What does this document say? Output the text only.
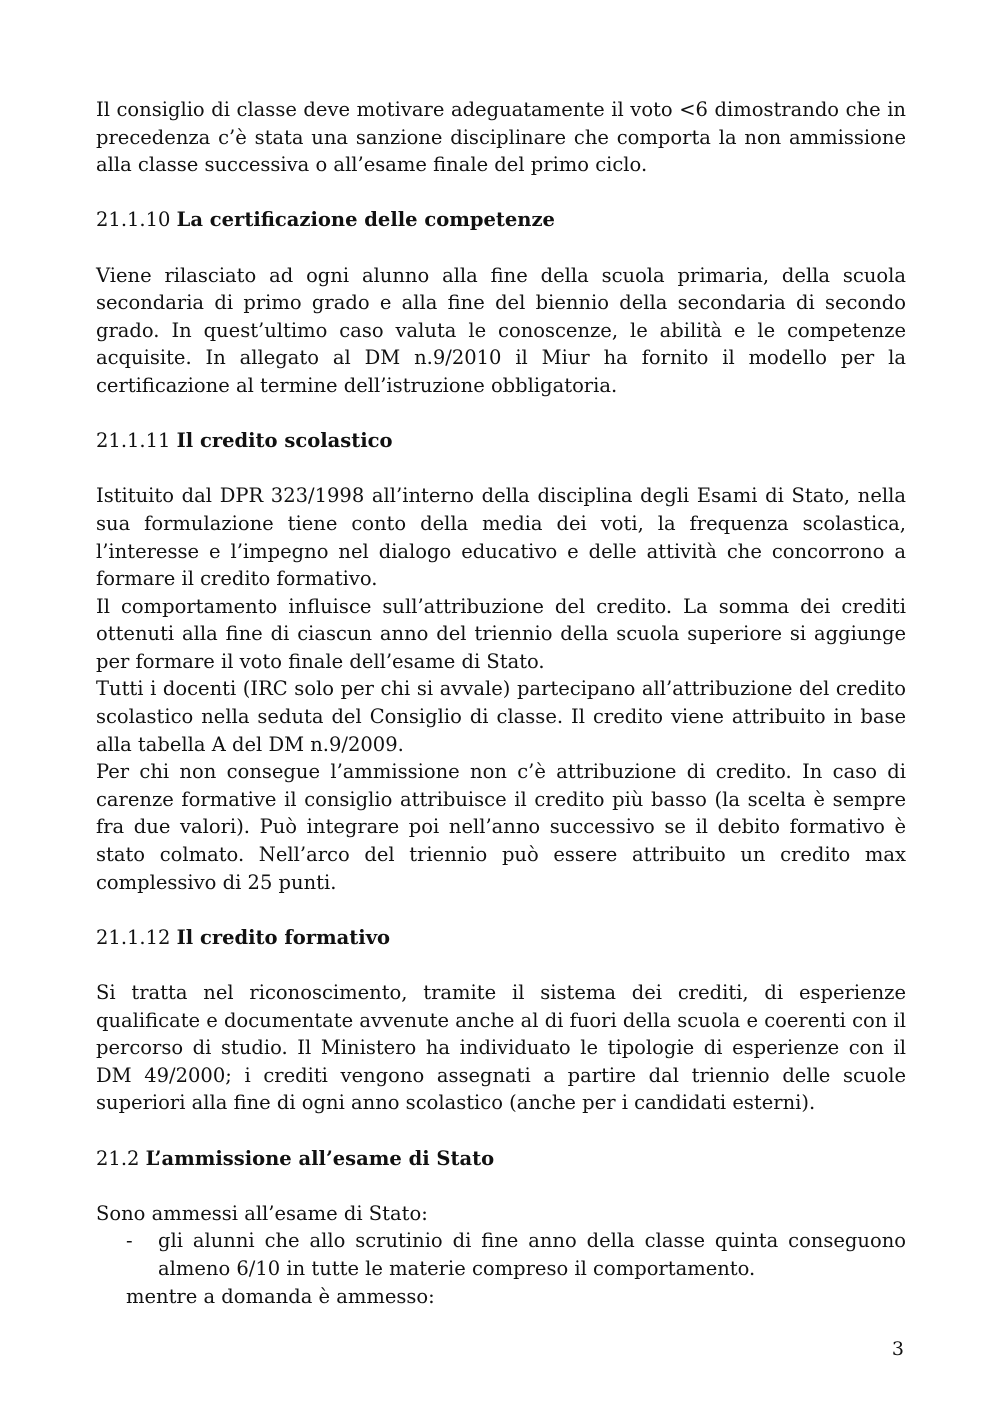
Il consiglio di classe deve motivare adeguatamente il voto <6 dimostrando che in precedenza c’è stata una sanzione disciplinare che comporta la non ammissione alla classe successiva o all’esame finale del primo ciclo.

21.1.10 La certificazione delle competenze

Viene rilasciato ad ogni alunno alla fine della scuola primaria, della scuola secondaria di primo grado e alla fine del biennio della secondaria di secondo grado. In quest’ultimo caso valuta le conoscenze, le abilità e le competenze acquisite. In allegato al DM n.9/2010 il Miur ha fornito il modello per la certificazione al termine dell’istruzione obbligatoria.

21.1.11 Il credito scolastico

Istituito dal DPR 323/1998 all’interno della disciplina degli Esami di Stato, nella sua formulazione tiene conto della media dei voti, la frequenza scolastica, l’interesse e l’impegno nel dialogo educativo e delle attività che concorrono a formare il credito formativo.

Il comportamento influisce sull’attribuzione del credito. La somma dei crediti ottenuti alla fine di ciascun anno del triennio della scuola superiore si aggiunge per formare il voto finale dell’esame di Stato.

Tutti i docenti (IRC solo per chi si avvale) partecipano all’attribuzione del credito scolastico nella seduta del Consiglio di classe. Il credito viene attribuito in base alla tabella A del DM n.9/2009.

Per chi non consegue l’ammissione non c’è attribuzione di credito. In caso di carenze formative il consiglio attribuisce il credito più basso (la scelta è sempre fra due valori). Può integrare poi nell’anno successivo se il debito formativo è stato colmato. Nell’arco del triennio può essere attribuito un credito max complessivo di 25 punti.

21.1.12 Il credito formativo

Si tratta nel riconoscimento, tramite il sistema dei crediti, di esperienze qualificate e documentate avvenute anche al di fuori della scuola e coerenti con il percorso di studio. Il Ministero ha individuato le tipologie di esperienze con il DM 49/2000; i crediti vengono assegnati a partire dal triennio delle scuole superiori alla fine di ogni anno scolastico (anche per i candidati esterni).

21.2 L’ammissione all’esame di Stato

Sono ammessi all’esame di Stato:

-	gli alunni che allo scrutinio di fine anno della classe quinta conseguono almeno 6/10 in tutte le materie compreso il comportamento.

mentre a domanda è ammesso:

3
